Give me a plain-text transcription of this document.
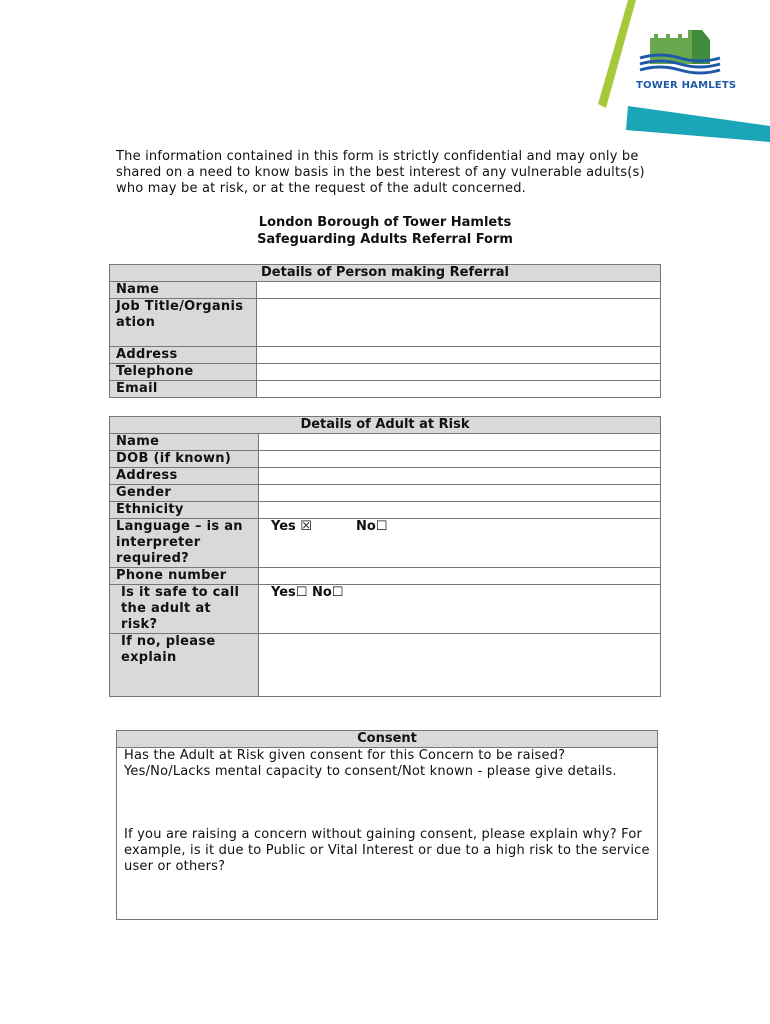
TOWER HAMLETS
The information contained in this form is strictly confidential and may only be shared on a need to know basis in the best interest of any vulnerable adults(s) who may be at risk, or at the request of the adult concerned.
London Borough of Tower Hamlets
Safeguarding Adults Referral Form
Details of Person making Referral	
Name	
Job Title/Organisation	
Address	
Telephone	
Email	
Details of Adult at Risk	
Name	
DOB (if known)	
Address	
Gender	
Ethnicity	
Language – is an interpreter required?	Yes ☒ No☐
Phone number	
Is it safe to call the adult at risk?	Yes☐ No☐
If no, please explain	
Consent

Has the Adult at Risk given consent for this Concern to be raised?
Yes/No/Lacks mental capacity to consent/Not known - please give details.
If you are raising a concern without gaining consent, please explain why? For example, is it due to Public or Vital Interest or due to a high risk to the service user or others?
